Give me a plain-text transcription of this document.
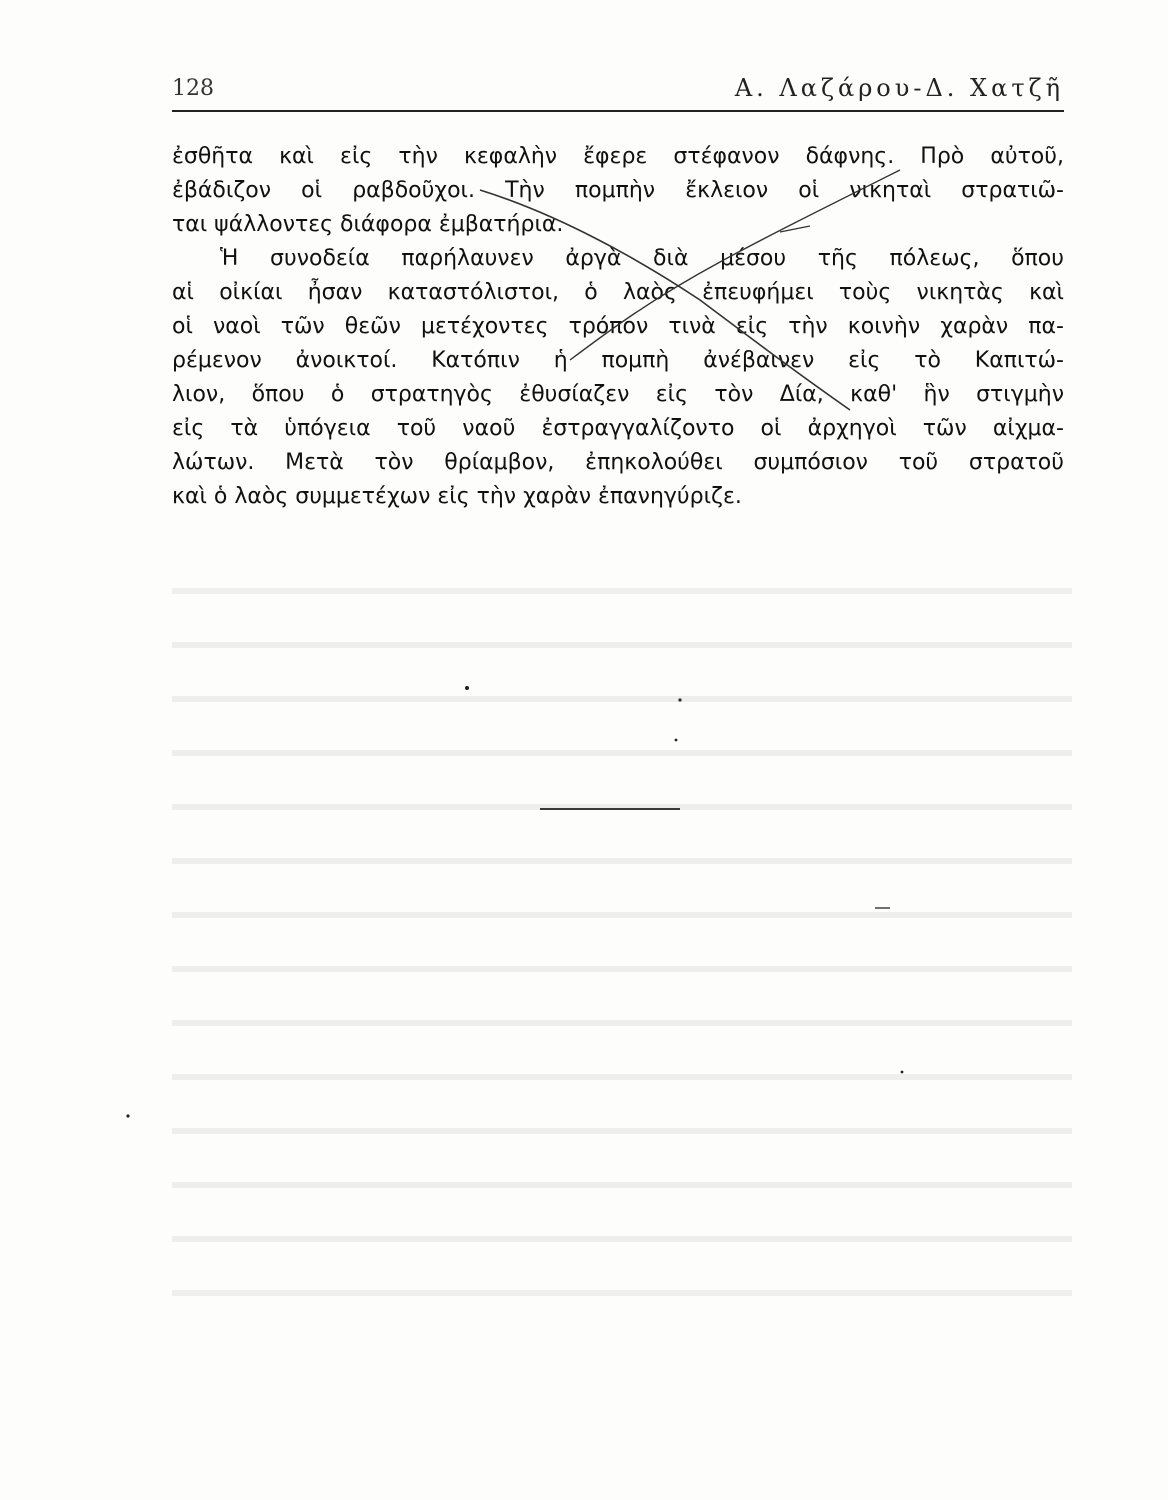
128	Α. Λαζάρου-Δ. Χατζῆ
ἐσθῆτα καὶ εἰς τὴν κεφαλὴν ἔφερε στέφανον δάφνης. Πρὸ αὐτοῦ,
ἐβάδιζον οἱ ραβδοῦχοι. Τὴν πομπὴν ἔκλειον οἱ νικηταὶ στρατιῶ-
ται ψάλλοντες διάφορα ἐμβατήρια.
Ἡ συνοδεία παρήλαυνεν ἀργὰ διὰ μέσου τῆς πόλεως, ὅπου
αἱ οἰκίαι ἦσαν καταστόλιστοι, ὁ λαὸς ἐπευφήμει τοὺς νικητὰς καὶ
οἱ ναοὶ τῶν θεῶν μετέχοντες τρόπον τινὰ εἰς τὴν κοινὴν χαρὰν πα-
ρέμενον ἀνοικτοί. Κατόπιν ἡ πομπὴ ἀνέβαινεν εἰς τὸ Καπιτώ-
λιον, ὅπου ὁ στρατηγὸς ἐθυσίαζεν εἰς τὸν Δία, καθ' ἣν στιγμὴν
εἰς τὰ ὑπόγεια τοῦ ναοῦ ἐστραγγαλίζοντο οἱ ἀρχηγοὶ τῶν αἰχμα-
λώτων. Μετὰ τὸν θρίαμβον, ἐπηκολούθει συμπόσιον τοῦ στρατοῦ
καὶ ὁ λαὸς συμμετέχων εἰς τὴν χαρὰν ἐπανηγύριζε.
